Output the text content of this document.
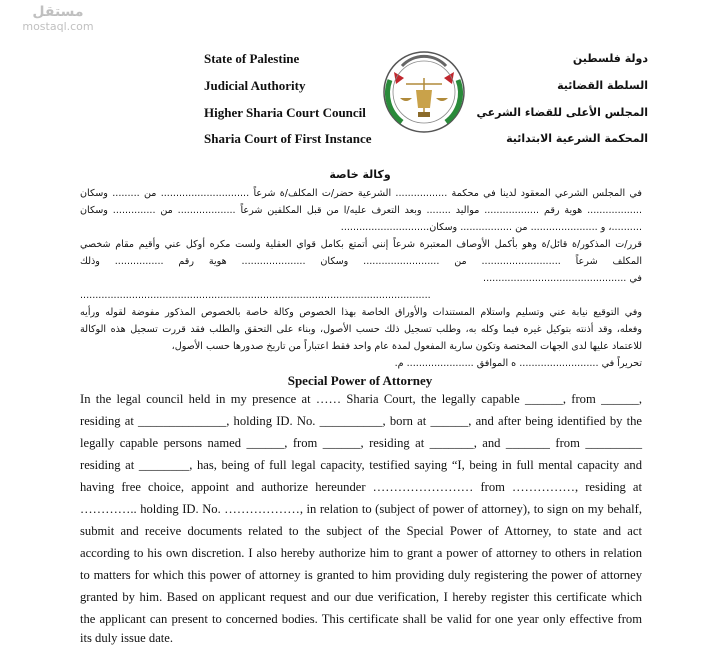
State of Palestine
Judicial Authority
Higher Sharia Court Council
Sharia Court of First Instance
دولة فلسطين
السلطة القضائية
المجلس الأعلى للقضاء الشرعي
المحكمة الشرعية الابتدائية
وكالة خاصة
في المجلس الشرعي المعقود لدينا في محكمة ................. الشرعية حضر/ت المكلف/ة شرعاً ............................. من ......... وسكان
.................. هوية رقم .................. مواليد ........ وبعد التعرف عليه/ا من قبل المكلفين شرعاً ................... من .............. وسكان
..........، و ...................... من ................. وسكان.............................
قرر/ت المذكور/ة قائل/ة وهو بأكمل الأوصاف المعتبرة شرعاً إنني أتمتع بكامل قواي العقلية ولست مكره أوكل عني وأقيم مقام شخصي
المكلف شرعاً .......................... من ......................... وسكان ..................... هوية رقم ................ وذلك
في ...............................................
...................................................................................................................
وفي التوقيع نيابة عني وتسليم واستلام المستندات والأوراق الخاصة بهذا الخصوص وكالة خاصة بالخصوص المذكور مفوضة لقوله ورأيه
وفعله، وقد أذنته بتوكيل غيره فيما وكله به، وطلب تسجيل ذلك حسب الأصول، وبناء على التحقق والطلب فقد قررت تسجيل هذه الوكالة
للاعتماد عليها لدى الجهات المختصة وتكون سارية المفعول لمدة عام واحد فقط اعتباراً من تاريخ صدورها حسب الأصول،
تحريراً في .......................... ه الموافق ...................... م.
Special Power of Attorney
In the legal council held in my presence at …… Sharia Court, the legally capable ______, from ______,
residing at ______________, holding ID. No. __________, born at ______, and after being identified by the
legally capable persons named ______, from ______, residing at _______, and _______ from _________
residing at ________, has, being of full legal capacity, testified saying “I, being in full mental capacity and
having free choice, appoint and authorize hereunder …………………… from ……………, residing at
………….. holding ID. No. ………………, in relation to (subject of power of attorney), to sign on my behalf,
submit and receive documents related to the subject of the Special Power of Attorney, to state and act
according to his own discretion. I also hereby authorize him to grant a power of attorney to others in relation
to matters for which this power of attorney is granted to him providing duly registering the power of attorney
granted by him. Based on applicant request and our due verification, I hereby register this certificate which
the applicant can present to concerned bodies. This certificate shall be valid for one year only effective from
its duly issue date.
مستقل
mostaql.com
